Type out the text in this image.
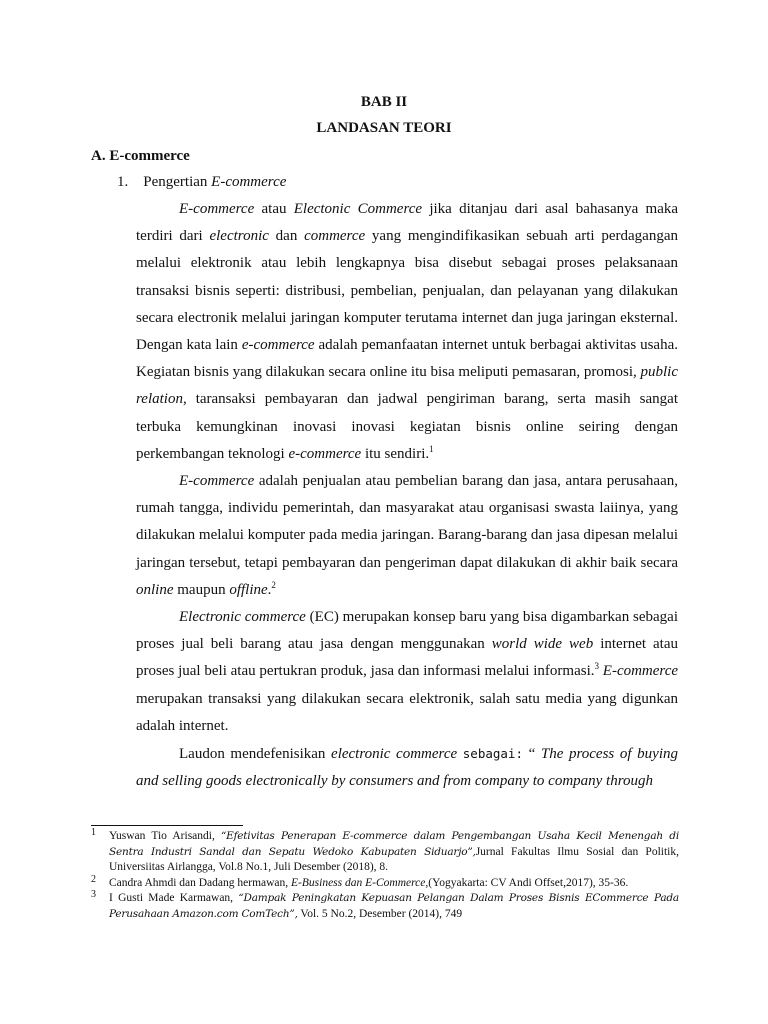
BAB II
LANDASAN TEORI
A. E-commerce
1. Pengertian E-commerce

E-commerce atau Electonic Commerce jika ditanjau dari asal bahasanya maka terdiri dari electronic dan commerce yang mengindifikasikan sebuah arti perdagangan melalui elektronik atau lebih lengkapnya bisa disebut sebagai proses pelaksanaan transaksi bisnis seperti: distribusi, pembelian, penjualan, dan pelayanan yang dilakukan secara electronik melalui jaringan komputer terutama internet dan juga jaringan eksternal. Dengan kata lain e-commerce adalah pemanfaatan internet untuk berbagai aktivitas usaha. Kegiatan bisnis yang dilakukan secara online itu bisa meliputi pemasaran, promosi, public relation, taransaksi pembayaran dan jadwal pengiriman barang, serta masih sangat terbuka kemungkinan inovasi inovasi kegiatan bisnis online seiring dengan perkembangan teknologi e-commerce itu sendiri.$^1$

E-commerce adalah penjualan atau pembelian barang dan jasa, antara perusahaan, rumah tangga, individu pemerintah, dan masyarakat atau organisasi swasta laiinya, yang dilakukan melalui komputer pada media jaringan. Barang-barang dan jasa dipesan melalui jaringan tersebut, tetapi pembayaran dan pengeriman dapat dilakukan di akhir baik secara online maupun offline.$^2$

Electronic commerce (EC) merupakan konsep baru yang bisa digambarkan sebagai proses jual beli barang atau jasa dengan menggunakan world wide web internet atau proses jual beli atau pertukran produk, jasa dan informasi melalui informasi.$^3$ E-commerce merupakan transaksi yang dilakukan secara elektronik, salah satu media yang digunkan adalah internet.

Laudon mendefenisikan electronic commerce sebagai: “ The process of buying and selling goods electronically by consumers and from company to company through

1 Yuswan Tio Arisandi, “Efetivitas Penerapan E-commerce dalam Pengembangan Usaha Kecil Menengah di Sentra Industri Sandal dan Sepatu Wedoko Kabupaten Siduarjo”,Jurnal Fakultas Ilmu Sosial dan Politik, Universiitas Airlangga, Vol.8 No.1, Juli Desember (2018), 8.
2 Candra Ahmdi dan Dadang hermawan, E-Business dan E-Commerce,(Yogyakarta: CV Andi Offset,2017), 35-36.
3 I Gusti Made Karmawan, “Dampak Peningkatan Kepuasan Pelangan Dalam Proses Bisnis ECommerce Pada Perusahaan Amazon.com ComTech”, Vol. 5 No.2, Desember (2014), 749
